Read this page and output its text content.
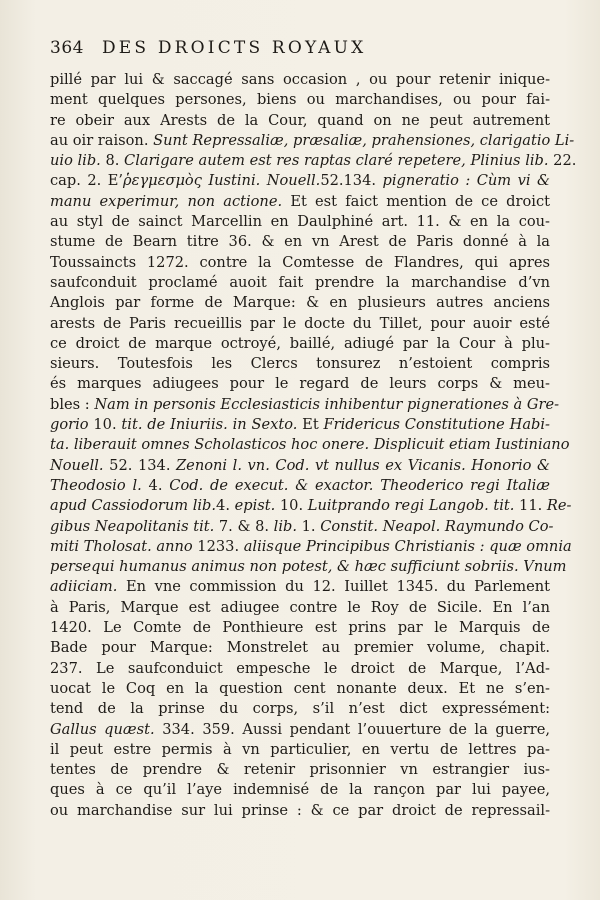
364 DES DROICTS ROYAUX
pillé par lui & saccagé sans occasion , ou pour retenir inique-
ment quelques persones, biens ou marchandises, ou pour fai-
re obeir aux Arests de la Cour, quand on ne peut autrement
au oir raison. Sunt Repressaliæ, præsaliæ, prahensiones, clarigatio Li-
uio lib. 8. Clarigare autem est res raptas claré repetere, Plinius lib. 22.
cap. 2. E’ῥεγμεσμὸς Iustini. Nouell.52.134. pigneratio : Cùm vi &
manu experimur, non actione. Et est faict mention de ce droict
au styl de sainct Marcellin en Daulphiné art. 11. & en la cou-
stume de Bearn titre 36. & en vn Arest de Paris donné à la
Toussaincts 1272. contre la Comtesse de Flandres, qui apres
saufconduit proclamé auoit fait prendre la marchandise d’vn
Anglois par forme de Marque: & en plusieurs autres anciens
arests de Paris recueillis par le docte du Tillet, pour auoir esté
ce droict de marque octroyé, baillé, adiugé par la Cour à plu-
sieurs. Toutesfois les Clercs tonsurez n’estoient compris
és marques adiugees pour le regard de leurs corps & meu-
bles : Nam in personis Ecclesiasticis inhibentur pignerationes à Gre-
gorio 10. tit. de Iniuriis. in Sexto. Et Fridericus Constitutione Habi-
ta. liberauit omnes Scholasticos hoc onere. Displicuit etiam Iustiniano
Nouell. 52. 134. Zenoni l. vn. Cod. vt nullus ex Vicanis. Honorio &
Theodosio l. 4. Cod. de execut. & exactor. Theoderico regi Italiæ
apud Cassiodorum lib.4. epist. 10. Luitprando regi Langob. tit. 11. Re-
gibus Neapolitanis tit. 7. & 8. lib. 1. Constit. Neapol. Raymundo Co-
miti Tholosat. anno 1233. aliisque Principibus Christianis : quæ omnia
persequi humanus animus non potest, & hæc sufficiunt sobriis. Vnum
adiiciam. En vne commission du 12. Iuillet 1345. du Parlement
à Paris, Marque est adiugee contre le Roy de Sicile. En l’an
1420. Le Comte de Ponthieure est prins par le Marquis de
Bade pour Marque: Monstrelet au premier volume, chapit.
237. Le saufconduict empesche le droict de Marque, l’Ad-
uocat le Coq en la question cent nonante deux. Et ne s’en-
tend de la prinse du corps, s’il n’est dict expressément:
Gallus quæst. 334. 359. Aussi pendant l’ouuerture de la guerre,
il peut estre permis à vn particulier, en vertu de lettres pa-
tentes de prendre & retenir prisonnier vn estrangier ius-
ques à ce qu’il l’aye indemnisé de la rançon par lui payee,
ou marchandise sur lui prinse : & ce par droict de repressail-
